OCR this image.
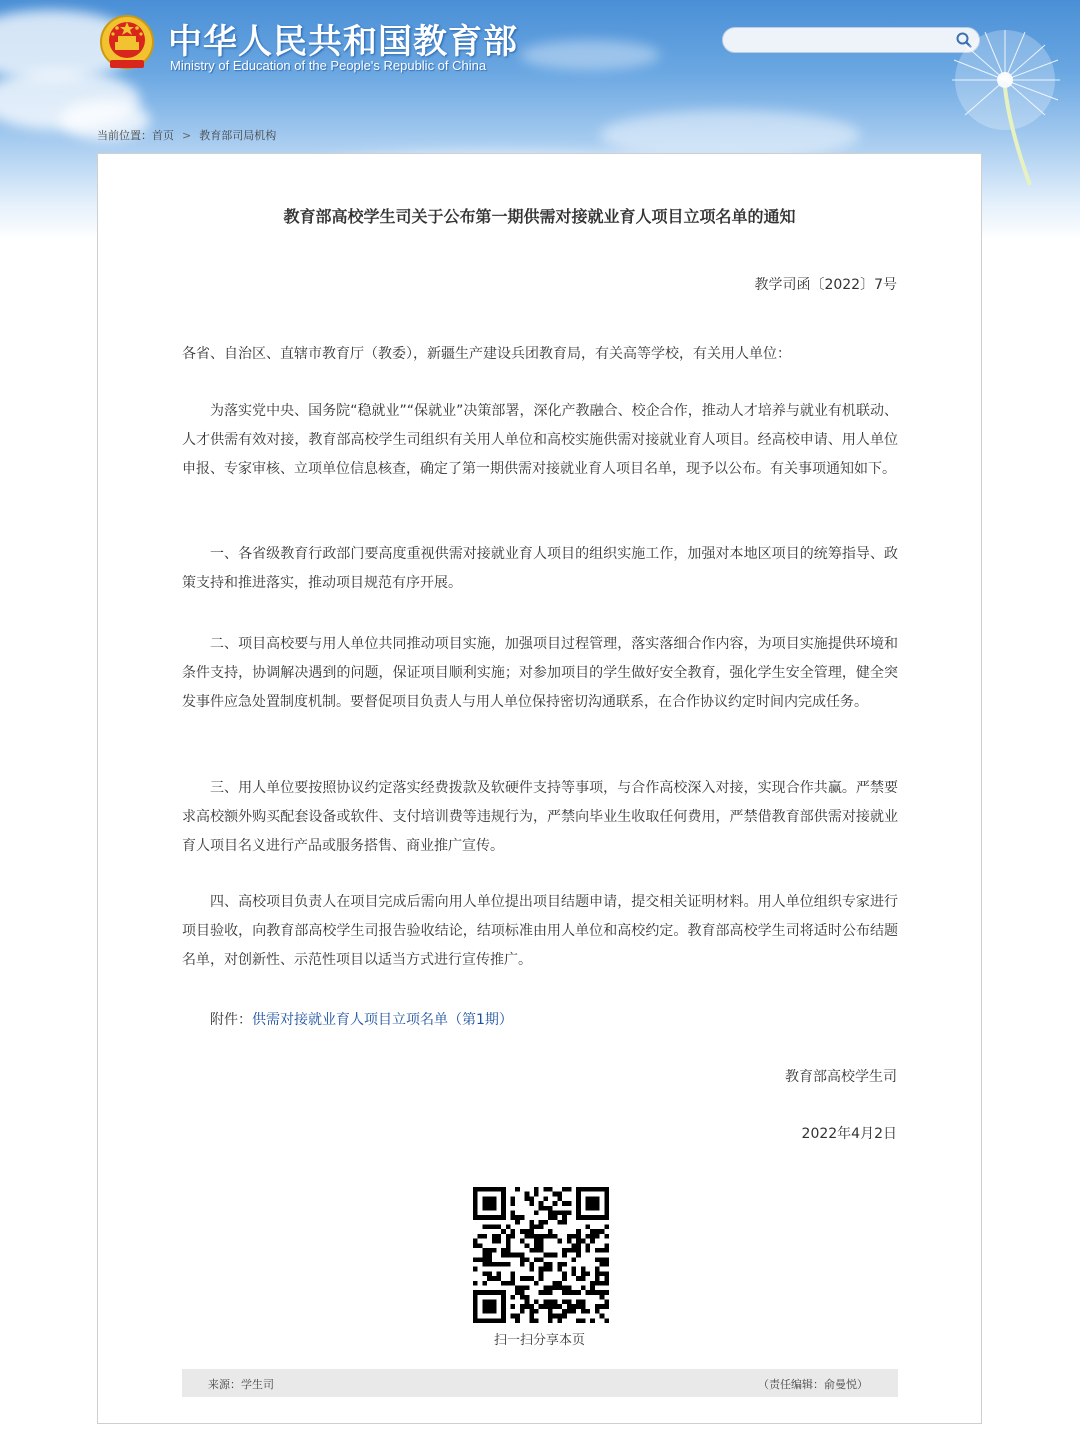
中华人民共和国教育部
Ministry of Education of the People's Republic of China
当前位置：首页 > 教育部司局机构
教育部高校学生司关于公布第一期供需对接就业育人项目立项名单的通知
教学司函〔2022〕7号

各省、自治区、直辖市教育厅（教委），新疆生产建设兵团教育局，有关高等学校，有关用人单位：

为落实党中央、国务院“稳就业”“保就业”决策部署，深化产教融合、校企合作，推动人才培养与就业有机联动、人才供需有效对接，教育部高校学生司组织有关用人单位和高校实施供需对接就业育人项目。经高校申请、用人单位申报、专家审核、立项单位信息核查，确定了第一期供需对接就业育人项目名单，现予以公布。有关事项通知如下。

一、各省级教育行政部门要高度重视供需对接就业育人项目的组织实施工作，加强对本地区项目的统筹指导、政策支持和推进落实，推动项目规范有序开展。

二、项目高校要与用人单位共同推动项目实施，加强项目过程管理，落实落细合作内容，为项目实施提供环境和条件支持，协调解决遇到的问题，保证项目顺利实施；对参加项目的学生做好安全教育，强化学生安全管理，健全突发事件应急处置制度机制。要督促项目负责人与用人单位保持密切沟通联系，在合作协议约定时间内完成任务。

三、用人单位要按照协议约定落实经费拨款及软硬件支持等事项，与合作高校深入对接，实现合作共赢。严禁要求高校额外购买配套设备或软件、支付培训费等违规行为，严禁向毕业生收取任何费用，严禁借教育部供需对接就业育人项目名义进行产品或服务搭售、商业推广宣传。

四、高校项目负责人在项目完成后需向用人单位提出项目结题申请，提交相关证明材料。用人单位组织专家进行项目验收，向教育部高校学生司报告验收结论，结项标准由用人单位和高校约定。教育部高校学生司将适时公布结题名单，对创新性、示范性项目以适当方式进行宣传推广。

附件：供需对接就业育人项目立项名单（第1期）
教育部高校学生司
2022年4月2日
扫一扫分享本页
来源：学生司	（责任编辑：俞曼悦）
